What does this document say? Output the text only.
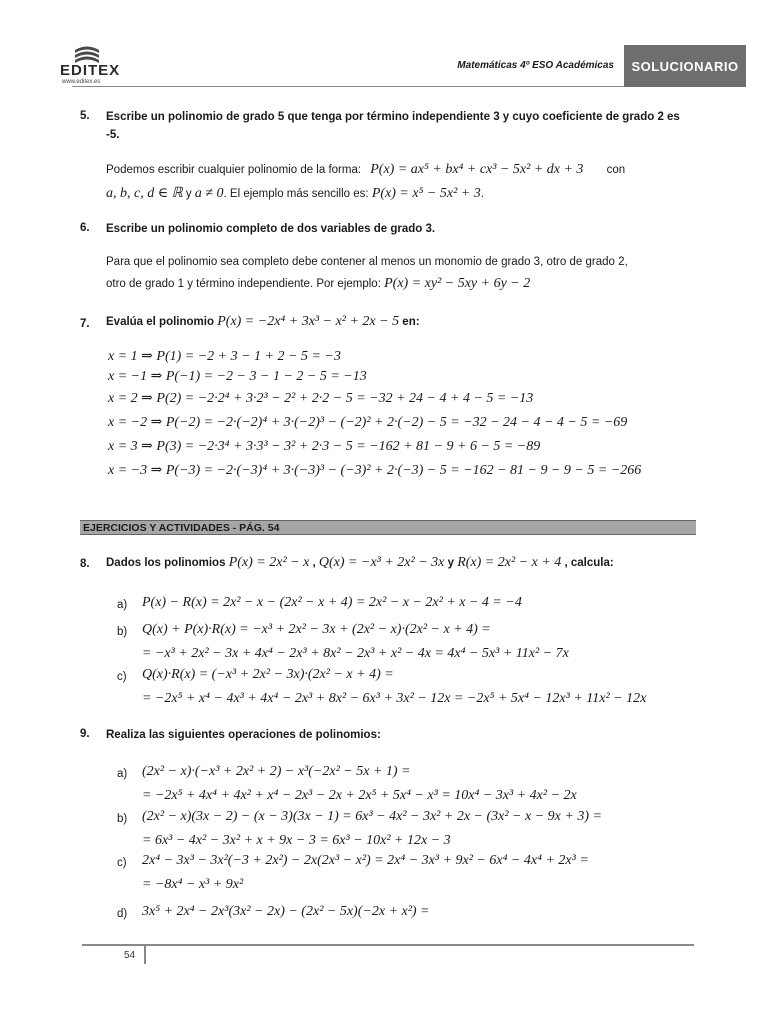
EDITEX
www.editex.es
Matemáticas 4º ESO Académicas	SOLUCIONARIO
5. Escribe un polinomio de grado 5 que tenga por término independiente 3 y cuyo coeficiente de grado 2 es -5.
Podemos escribir cualquier polinomio de la forma: P(x) = ax⁵ + bx⁴ + cx³ − 5x² + dx + 3 con
a, b, c, d ∈ ℝ y a ≠ 0. El ejemplo más sencillo es: P(x) = x⁵ − 5x² + 3.
6. Escribe un polinomio completo de dos variables de grado 3.
Para que el polinomio sea completo debe contener al menos un monomio de grado 3, otro de grado 2,
otro de grado 1 y término independiente. Por ejemplo: P(x) = xy² − 5xy + 6y − 2
7. Evalúa el polinomio P(x) = −2x⁴ + 3x³ − x² + 2x − 5 en:
x = 1 ⇒ P(1) = −2 + 3 − 1 + 2 − 5 = −3
x = −1 ⇒ P(−1) = −2 − 3 − 1 − 2 − 5 = −13
x = 2 ⇒ P(2) = −2·2⁴ + 3·2³ − 2² + 2·2 − 5 = −32 + 24 − 4 + 4 − 5 = −13
x = −2 ⇒ P(−2) = −2·(−2)⁴ + 3·(−2)³ − (−2)² + 2·(−2) − 5 = −32 − 24 − 4 − 4 − 5 = −69
x = 3 ⇒ P(3) = −2·3⁴ + 3·3³ − 3² + 2·3 − 5 = −162 + 81 − 9 + 6 − 5 = −89
x = −3 ⇒ P(−3) = −2·(−3)⁴ + 3·(−3)³ − (−3)² + 2·(−3) − 5 = −162 − 81 − 9 − 9 − 5 = −266
EJERCICIOS Y ACTIVIDADES - PÁG. 54
8. Dados los polinomios P(x) = 2x² − x , Q(x) = −x³ + 2x² − 3x y R(x) = 2x² − x + 4 , calcula:
a) P(x) − R(x) = 2x² − x − (2x² − x + 4) = 2x² − x − 2x² + x − 4 = −4
b) Q(x) + P(x)·R(x) = −x³ + 2x² − 3x + (2x² − x)·(2x² − x + 4) =
= −x³ + 2x² − 3x + 4x⁴ − 2x³ + 8x² − 2x³ + x² − 4x = 4x⁴ − 5x³ + 11x² − 7x
c) Q(x)·R(x) = (−x³ + 2x² − 3x)·(2x² − x + 4) =
= −2x⁵ + x⁴ − 4x³ + 4x⁴ − 2x³ + 8x² − 6x³ + 3x² − 12x = −2x⁵ + 5x⁴ − 12x³ + 11x² − 12x
9. Realiza las siguientes operaciones de polinomios:
a) (2x² − x)·(−x³ + 2x² + 2) − x³(−2x² − 5x + 1) =
= −2x⁵ + 4x⁴ + 4x² + x⁴ − 2x³ − 2x + 2x⁵ + 5x⁴ − x³ = 10x⁴ − 3x³ + 4x² − 2x
b) (2x² − x)(3x − 2) − (x − 3)(3x − 1) = 6x³ − 4x² − 3x² + 2x − (3x² − x − 9x + 3) =
= 6x³ − 4x² − 3x² + x + 9x − 3 = 6x³ − 10x² + 12x − 3
c) 2x⁴ − 3x³ − 3x²(−3 + 2x²) − 2x(2x³ − x²) = 2x⁴ − 3x³ + 9x² − 6x⁴ − 4x⁴ + 2x³ =
= −8x⁴ − x³ + 9x²
d) 3x⁵ + 2x⁴ − 2x³(3x² − 2x) − (2x² − 5x)(−2x + x²) =
54
